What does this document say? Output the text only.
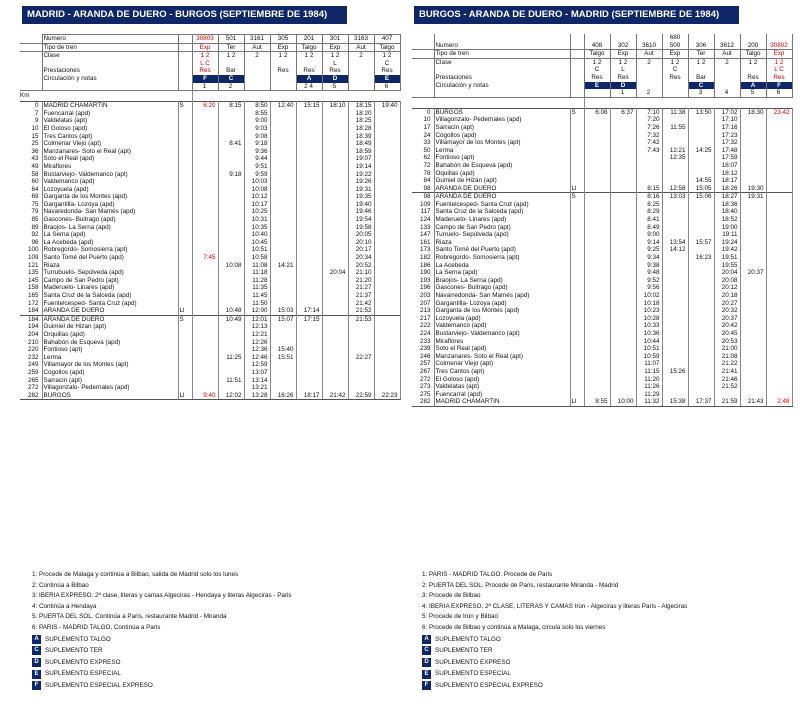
MADRID - ARANDA DE DUERO - BURGOS (SEPTIEMBRE DE 1984)
	Numero		30803	501	3161	305	201	301	3163	407
	Tipo de tren		Exp	Ter	Aut	Exp	Talgo	Exp	Aut	Talgo
	Clase		1 2	1 2	2	1 2	1 2	1 2	2	1 2
			L C					L		C
	Prestaciones		Res	Bar		Res	Res	Res		Res
	Circulación y notas		F	C			A	D		E
			1	2			2 4	5		6
Km										
0	MADRID CHAMARTÍN	S	6:20	8:15	8:50	12:40	15:15	18:10	18:15	19:40
7	Fuencarral (apd)				8:55				18:20	
9	Valdelatas (apt)				9:00				18:25	
10	El Goloso (apd)				9:03				18:28	
15	Tres Cantos (apt)				9:08				18:39	
25	Colmenar Viejo (apt)			8:41	9:18				18:49	
36	Manzanares- Soto el Real (apt)				9:36				18:59	
43	Soto el Real (apd)				9:44				19:07	
49	Miraflores				9:51				19:14	
58	Bustarviejo- Valdemanco (apt)			9:18	9:59				19:22	
60	Valdemanco (apd)				10:03				19:26	
64	Lozoyuela (apd)				10:08				19:31	
69	Garganta de los Montes (apd)				10:12				19:35	
75	Gargantilla- Lozoya (apd)				10:17				19:40	
79	Navaredonda- San Mamés (apd)				10:25				19:46	
85	Gascones- Buitrago (apd)				10:31				19:54	
89	Braojos- La Serna (apd)				10:35				19:58	
92	La Serna (apd)				10:40				20:05	
96	La Acebeda (apd)				10:45				20:10	
100	Robregordo- Somosierra (apt)				10:51				20:17	
109	Santo Tomé del Puerto (apd)		7:45		10:58				20:34	
121	Riaza			10:08	11:08	14:21			20:52	
135	Turrubuelo- Sepúlveda (apd)				11:18			20:04	21:10	
145	Campo de San Pedro (apt)				11:28				21:20	
158	Maderuelo- Linares (apd)				11:35				21:27	
165	Santa Cruz de la Salceda (apd)				11:45				21:37	
172	Fuentelcesped- Santa Cruz (apd)				11:50				21:42	
184	ARANDA DE DUERO	Ll		10:48	12:00	15:03	17:14		21:52	
184	ARANDA DE DUERO	S		10:49	12:01	15:07	17:15		21:53	
194	Guimiel de Hizan (apt)				12:13					
204	Orquillas (apd)				12:21					
210	Bahabón de Esqueva (apd)				12:26					
220	Fontioso (apt)				12:36	15:40				
232	Lerma			11:25	12:46	15:51			22:27	
249	Villamayor de los Montes (apt)				12:59					
259	Cogollos (apd)				13:07					
265	Sarracín (apt)			11:51	13:14					
272	Villagonzalo- Pedernales (apd)				13:21					
282	BURGOS	Ll	9:40	12:02	13:28	16:26	18:17	21:42	22:59	22:23
BURGOS - ARANDA DE DUERO - MADRID (SEPTIEMBRE DE 1984)
						680				
	Numero		408	302	3610	500	306	3612	200	30802
	Tipo de tren		Talgo	Exp	Aut	Exp	Ter	Aut	Talgo	Exp
	Clase		1 2	1 2	2	1 2	1 2	2	1 2	1 2
			C	L		C				L C
	Prestaciones		Res	Res		Res	Bar		Res	Res
	Circulación y notas		E	D			C		A	F
				1	2		3	4	5	6

0	BURGOS	S	6:08	6:37	7:10	11:38	13:50	17:02	18:30	23:42
10	Villagonzalo- Pedernales (apd)				7:20			17:10		
17	Sarracín (apt)				7:26	11:55		17:16		
24	Cogollos (apd)				7:32			17:23		
33	Villamayor de los Montes (apt)				7:42			17:32		
50	Lerma				7:43	12:21	14:25	17:48		
62	Fontioso (apt)					12:35		17:59		
72	Bahabón de Esqueva (apd)							18:07		
78	Oquillas (apd)							18:12		
84	Gumiel de Hizán (apt)						14:55	18:17		
98	ARANDA DE DUERO	Ll			8:15	12:58	15:05	18:26	19:30	
98	ARANDA DE DUERO	S			8:16	13:03	15:06	18:27	19:31	
109	Fuentelcesped- Santa Cruz (apd)				8:25			18:36		
117	Santa Cruz de la Salceda (apd)				8:29			18:40		
124	Maderuelo- Linares (apd)				8:41			18:52		
133	Campo de San Pedro (apt)				8:49			19:00		
147	Turruelo- Sepúlveda (apd)				9:00			19:11		
161	Riaza				9:14	13:54	15:57	19:24		
173	Santo Tomé del Puerto (apd)				9:25	14:12		19:42		
182	Robregordo- Somosierra (apt)				9:34		16:23	19:51		
186	La Acebeda				9:38			19:55		
190	La Serna (apd)				9:48			20:04	20:37	
193	Braojos- La Serna (apd)				9:52			20:08		
196	Gascones- Buitrago (apd)				9:56			20:12		
203	Navarredonda- San Mamés (apd)				10:02			20:18		
207	Gargantilla- Lozoya (apd)				10:18			20:27		
213	Garganta de los Montes (apd)				10:23			20:32		
217	Lozoyuela (apd)				10:28			20:37		
222	Valdemanco (apd)				10:33			20:42		
224	Bustarviejo- Valdemanco (apt)				10:36			20:45		
233	Miraflores				10:44			20:53		
239	Soto el Real (apd)				10:51			21:00		
246	Manzanares- Soto el Real (apt)				10:59			21:08		
257	Colmenar Viejo (apt)				11:07			21:22		
267	Tres Cantos (apt)				11:15	15:26		21:41		
272	El Goloso (apd)				11:20			21:46		
273	Valdelatas (apt)				11:26			21:52		
275	Fuencarral (apd)				11:29					
282	MADRID CHAMARTIN	Ll	8:55	10:00	11:32	15:38	17:37	21:59	21:43	2:48
1: Procede de Malaga y continúa a Bilbao, salida de Madrid solo los lunes
2: Continúa a Bilbao
3: IBERIA EXPRESO. 2ª clase, literas y camas Algeciras - Hendaya y literas Algeciras - Paris
4: Continúa a Hendaya
5: PUERTA DEL SOL. Continúa a Paris, restaurante Madrid - Miranda
6: PARIS - MADRID TALGO, Continúa a Paris
A	SUPLEMENTO TALGO
C	SUPLEMENTO TER
D	SUPLEMENTO EXPRESO
E	SUPLEMENTO ESPECIAL
F	SUPLEMENTO ESPECIAL EXPRESO
1: PARIS - MADRID TALGO. Procede de Paris
2: PUERTA DEL SOL. Procede de Paris, restaurante Miranda - Madrid
3: Procede de Bilbao
4: IBERIA EXPRESO. 2ª CLASE, LITERAS Y CAMAS Irún - Algeciras y literas Paris - Algeciras
5: Procede de Irún y Bilbao
6: Procede de Bilbao y continúa a Malaga, circula solo los viernes
A	SUPLEMENTO TALGO
C	SUPLEMENTO TER
D	SUPLEMENTO EXPRESO
E	SUPLEMENTO ESPECIAL
F	SUPLEMENTO ESPECIAL EXPRESO
